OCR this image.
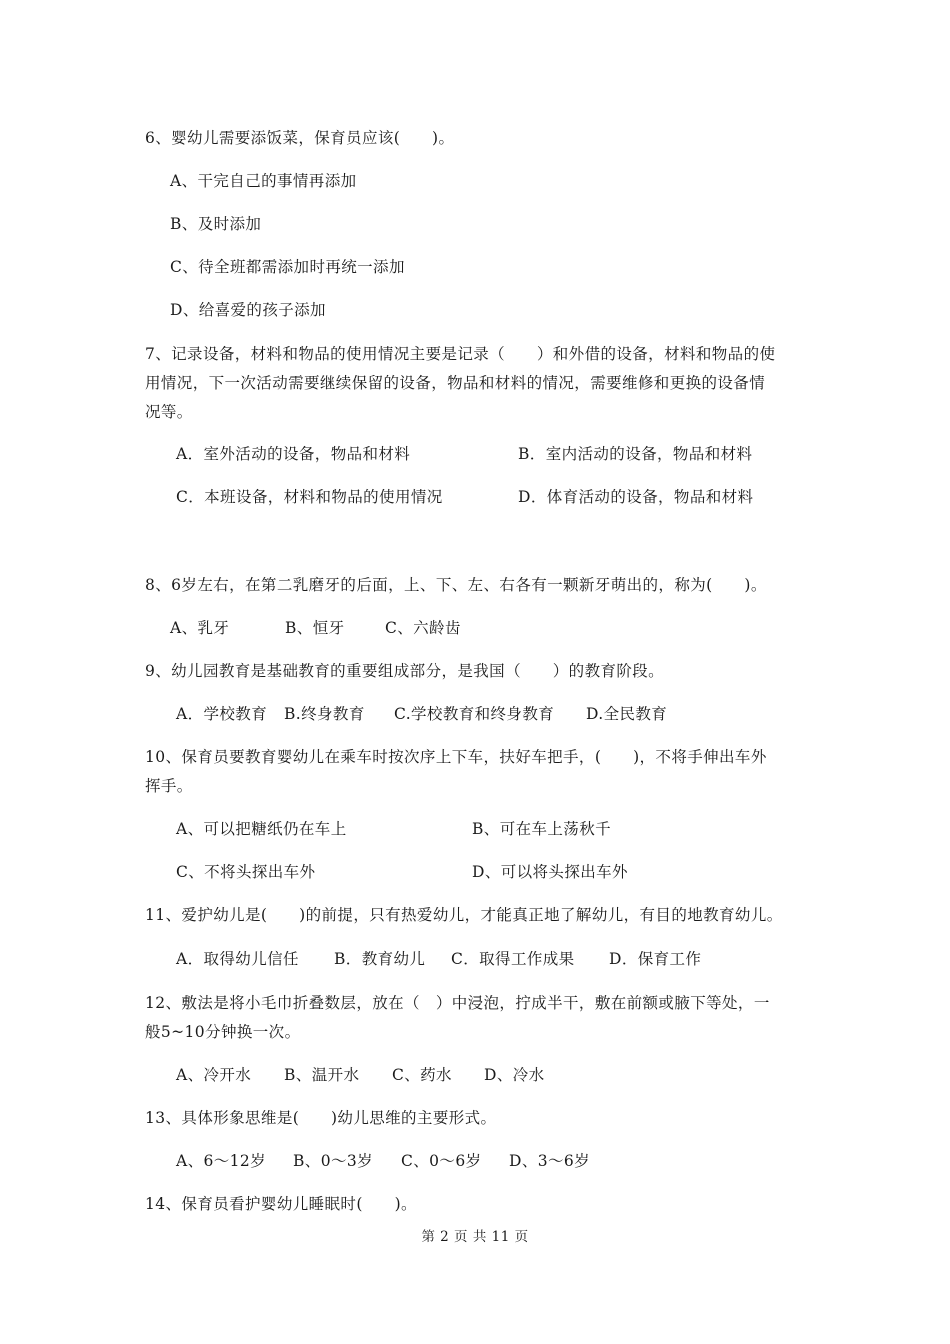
6、婴幼儿需要添饭菜，保育员应该(　　)。
A、干完自己的事情再添加
B、及时添加
C、待全班都需添加时再统一添加
D、给喜爱的孩子添加
7、记录设备，材料和物品的使用情况主要是记录（　　）和外借的设备，材料和物品的使
用情况，下一次活动需要继续保留的设备，物品和材料的情况，需要维修和更换的设备情
况等。
A．室外活动的设备，物品和材料	B．室内活动的设备，物品和材料
C．本班设备，材料和物品的使用情况	D．体育活动的设备，物品和材料
8、6岁左右，在第二乳磨牙的后面，上、下、左、右各有一颗新牙萌出的，称为(　　)。
A、乳牙	B、恒牙	C、六龄齿
9、幼儿园教育是基础教育的重要组成部分，是我国（　　）的教育阶段。
A．学校教育 B.终身教育 C.学校教育和终身教育 D.全民教育
10、保育员要教育婴幼儿在乘车时按次序上下车，扶好车把手，(　　)，不将手伸出车外
挥手。
A、可以把糖纸仍在车上	B、可在车上荡秋千
C、不将头探出车外	D、可以将头探出车外
11、爱护幼儿是(　　)的前提，只有热爱幼儿，才能真正地了解幼儿，有目的地教育幼儿。
A．取得幼儿信任 B．教育幼儿 C．取得工作成果 D．保育工作
12、敷法是将小毛巾折叠数层，放在（　）中浸泡，拧成半干，敷在前额或腋下等处，一
般5~10分钟换一次。
A、冷开水 B、温开水 C、药水 D、冷水
13、具体形象思维是(　　)幼儿思维的主要形式。
A、6～12岁 B、0～3岁 C、0～6岁 D、3～6岁
14、保育员看护婴幼儿睡眠时(　　)。
第 2 页 共 11 页
